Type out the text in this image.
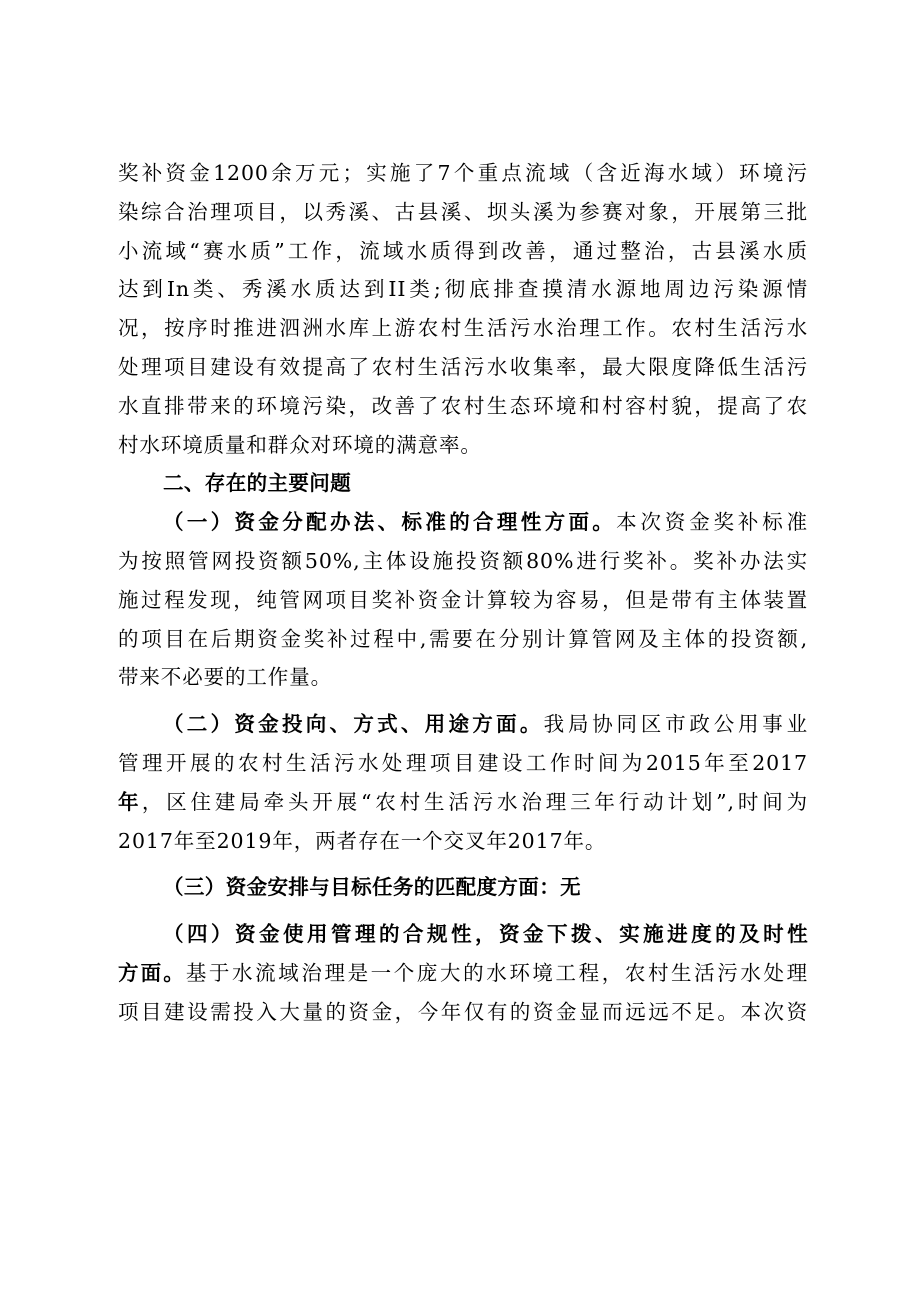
奖补资金1200余万元；实施了7个重点流域（含近海水域）环境污
染综合治理项目，以秀溪、古县溪、坝头溪为参赛对象，开展第三批
小流域“赛水质”工作，流域水质得到改善，通过整治，古县溪水质
达到In类、秀溪水质达到II类;彻底排查摸清水源地周边污染源情
况，按序时推进泗洲水库上游农村生活污水治理工作。农村生活污水
处理项目建设有效提高了农村生活污水收集率，最大限度降低生活污
水直排带来的环境污染，改善了农村生态环境和村容村貌，提高了农
村水环境质量和群众对环境的满意率。
二、存在的主要问题
（一）资金分配办法、标准的合理性方面。本次资金奖补标准
为按照管网投资额50%,主体设施投资额80%进行奖补。奖补办法实
施过程发现，纯管网项目奖补资金计算较为容易，但是带有主体装置
的项目在后期资金奖补过程中,需要在分别计算管网及主体的投资额,
带来不必要的工作量。
（二）资金投向、方式、用途方面。我局协同区市政公用事业
管理开展的农村生活污水处理项目建设工作时间为2015年至2017
年，区住建局牵头开展“农村生活污水治理三年行动计划”,时间为
2017年至2019年，两者存在一个交叉年2017年。
（三）资金安排与目标任务的匹配度方面：无
（四）资金使用管理的合规性，资金下拨、实施进度的及时性
方面。基于水流域治理是一个庞大的水环境工程，农村生活污水处理
项目建设需投入大量的资金，今年仅有的资金显而远远不足。本次资
